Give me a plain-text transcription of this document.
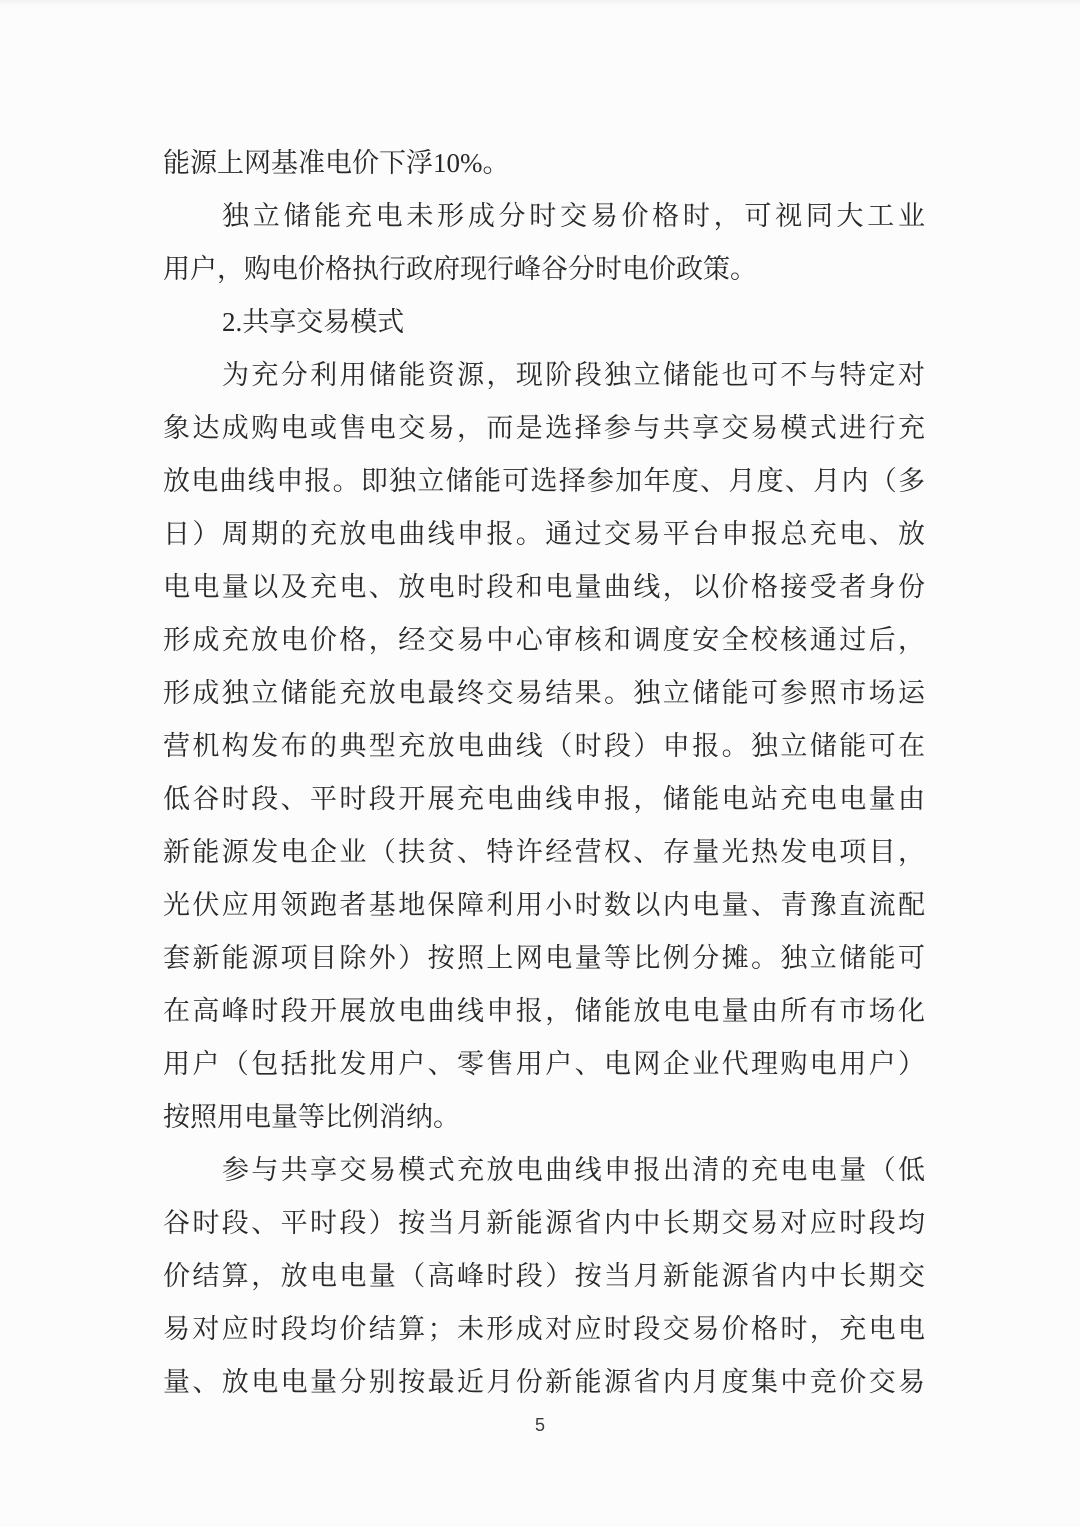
能源上网基准电价下浮10%。
独立储能充电未形成分时交易价格时，可视同大工业
用户，购电价格执行政府现行峰谷分时电价政策。
2.共享交易模式
为充分利用储能资源，现阶段独立储能也可不与特定对
象达成购电或售电交易，而是选择参与共享交易模式进行充
放电曲线申报。即独立储能可选择参加年度、月度、月内（多
日）周期的充放电曲线申报。通过交易平台申报总充电、放
电电量以及充电、放电时段和电量曲线，以价格接受者身份
形成充放电价格，经交易中心审核和调度安全校核通过后，
形成独立储能充放电最终交易结果。独立储能可参照市场运
营机构发布的典型充放电曲线（时段）申报。独立储能可在
低谷时段、平时段开展充电曲线申报，储能电站充电电量由
新能源发电企业（扶贫、特许经营权、存量光热发电项目，
光伏应用领跑者基地保障利用小时数以内电量、青豫直流配
套新能源项目除外）按照上网电量等比例分摊。独立储能可
在高峰时段开展放电曲线申报，储能放电电量由所有市场化
用户（包括批发用户、零售用户、电网企业代理购电用户）
按照用电量等比例消纳。
参与共享交易模式充放电曲线申报出清的充电电量（低
谷时段、平时段）按当月新能源省内中长期交易对应时段均
价结算，放电电量（高峰时段）按当月新能源省内中长期交
易对应时段均价结算；未形成对应时段交易价格时，充电电
量、放电电量分别按最近月份新能源省内月度集中竞价交易
5
